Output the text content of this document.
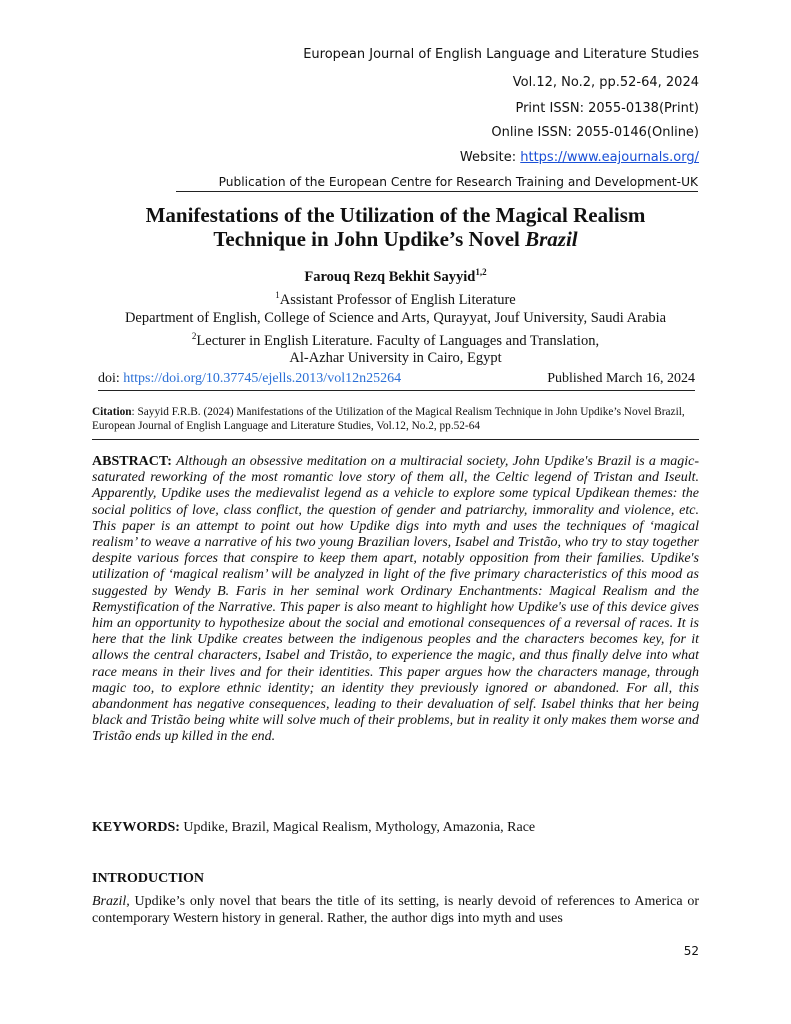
European Journal of English Language and Literature Studies
Vol.12, No.2, pp.52-64, 2024
Print ISSN: 2055-0138(Print)
Online ISSN: 2055-0146(Online)
Website: https://www.eajournals.org/
Publication of the European Centre for Research Training and Development-UK
Manifestations of the Utilization of the Magical Realism
Technique in John Updike’s Novel Brazil
Farouq Rezq Bekhit Sayyid$^{1,2}$
$^1$Assistant Professor of English Literature
Department of English, College of Science and Arts, Qurayyat, Jouf University, Saudi Arabia
$^2$Lecturer in English Literature. Faculty of Languages and Translation,
Al-Azhar University in Cairo, Egypt
doi: https://doi.org/10.37745/ejells.2013/vol12n25264	Published March 16, 2024
Citation: Sayyid F.R.B. (2024) Manifestations of the Utilization of the Magical Realism Technique in John Updike’s Novel Brazil, European Journal of English Language and Literature Studies, Vol.12, No.2, pp.52-64
ABSTRACT: Although an obsessive meditation on a multiracial society, John Updike's Brazil is a magic-saturated reworking of the most romantic love story of them all, the Celtic legend of Tristan and Iseult. Apparently, Updike uses the medievalist legend as a vehicle to explore some typical Updikean themes: the social politics of love, class conflict, the question of gender and patriarchy, immorality and violence, etc. This paper is an attempt to point out how Updike digs into myth and uses the techniques of ‘magical realism’ to weave a narrative of his two young Brazilian lovers, Isabel and Tristão, who try to stay together despite various forces that conspire to keep them apart, notably opposition from their families. Updike's utilization of ‘magical realism’ will be analyzed in light of the five primary characteristics of this mood as suggested by Wendy B. Faris in her seminal work Ordinary Enchantments: Magical Realism and the Remystification of the Narrative. This paper is also meant to highlight how Updike's use of this device gives him an opportunity to hypothesize about the social and emotional consequences of a reversal of races. It is here that the link Updike creates between the indigenous peoples and the characters becomes key, for it allows the central characters, Isabel and Tristão, to experience the magic, and thus finally delve into what race means in their lives and for their identities. This paper argues how the characters manage, through magic too, to explore ethnic identity; an identity they previously ignored or abandoned. For all, this abandonment has negative consequences, leading to their devaluation of self. Isabel thinks that her being black and Tristão being white will solve much of their problems, but in reality it only makes them worse and Tristão ends up killed in the end.
KEYWORDS: Updike, Brazil, Magical Realism, Mythology, Amazonia, Race
INTRODUCTION
Brazil, Updike’s only novel that bears the title of its setting, is nearly devoid of references to America or contemporary Western history in general. Rather, the author digs into myth and uses
52
